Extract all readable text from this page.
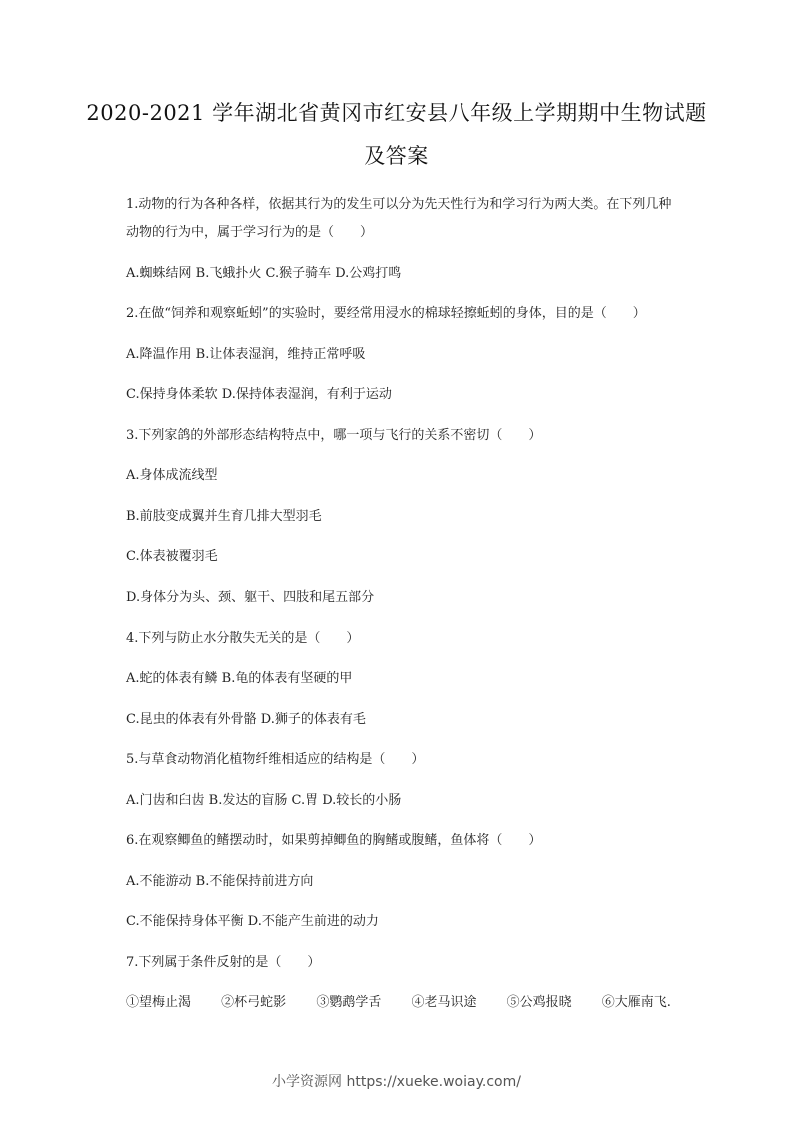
2020-2021 学年湖北省黄冈市红安县八年级上学期期中生物试题
及答案
1.动物的行为各种各样，依据其行为的发生可以分为先天性行为和学习行为两大类。在下列几种
动物的行为中，属于学习行为的是（　　）
A.蜘蛛结网 B.飞蛾扑火 C.猴子骑车 D.公鸡打鸣
2.在做“饲养和观察蚯蚓”的实验时，要经常用浸水的棉球轻擦蚯蚓的身体，目的是（　　）
A.降温作用 B.让体表湿润，维持正常呼吸
C.保持身体柔软 D.保持体表湿润，有利于运动
3.下列家鸽的外部形态结构特点中，哪一项与飞行的关系不密切（　　）
A.身体成流线型
B.前肢变成翼并生育几排大型羽毛
C.体表被覆羽毛
D.身体分为头、颈、躯干、四肢和尾五部分
4.下列与防止水分散失无关的是（　　）
A.蛇的体表有鳞 B.龟的体表有坚硬的甲
C.昆虫的体表有外骨骼 D.狮子的体表有毛
5.与草食动物消化植物纤维相适应的结构是（　　）
A.门齿和臼齿 B.发达的盲肠 C.胃 D.较长的小肠
6.在观察鲫鱼的鳍摆动时，如果剪掉鲫鱼的胸鳍或腹鳍，鱼体将（　　）
A.不能游动 B.不能保持前进方向
C.不能保持身体平衡 D.不能产生前进的动力
7.下列属于条件反射的是（　　）
①望梅止渴 ②杯弓蛇影 ③鹦鹉学舌 ④老马识途 ⑤公鸡报晓 ⑥大雁南飞.
小学资源网 https://xueke.woiay.com/
